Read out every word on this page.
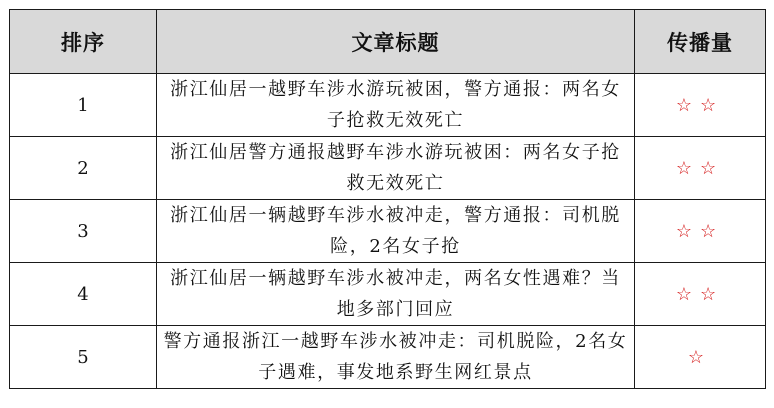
排序	文章标题	传播量
1	浙江仙居一越野车涉水游玩被困，警方通报：两名女子抢救无效死亡	☆☆
2	浙江仙居警方通报越野车涉水游玩被困：两名女子抢救无效死亡	☆☆
3	浙江仙居一辆越野车涉水被冲走，警方通报：司机脱险，2名女子抢	☆☆
4	浙江仙居一辆越野车涉水被冲走，两名女性遇难？当地多部门回应	☆☆
5	警方通报浙江一越野车涉水被冲走：司机脱险，2名女子遇难，事发地系野生网红景点	☆
